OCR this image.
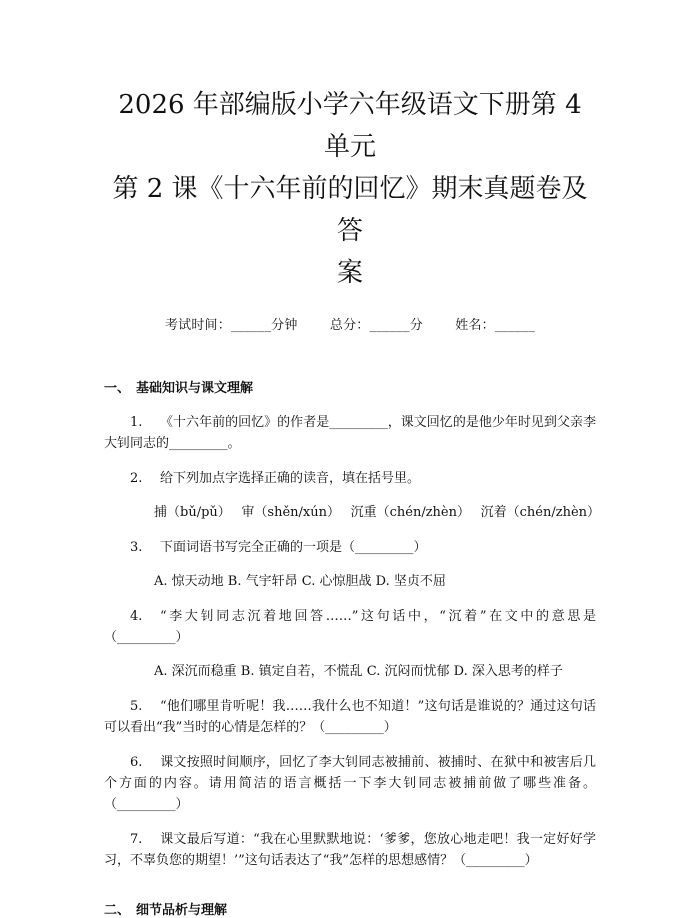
2026 年部编版小学六年级语文下册第 4 单元
第 2 课《十六年前的回忆》期末真题卷及答
案
考试时间：______分钟 总分：______分 姓名：______
一、 基础知识与课文理解

1. 《十六年前的回忆》的作者是_________，课文回忆的是他少年时见到父亲李大钊同志的_________。

2. 给下列加点字选择正确的读音，填在括号里。

捕（bǔ/pǔ）　 审（shěn/xún）　 沉重（chén/zhèn）　 沉着（chén/zhèn）

3. 下面词语书写完全正确的一项是（_________）

A. 惊天动地 B. 气宇轩昂 C. 心惊胆战 D. 坚贞不屈

4. “李大钊同志沉着地回答……”这句话中，“沉着”在文中的意思是（_________）

A. 深沉而稳重 B. 镇定自若，不慌乱 C. 沉闷而忧郁 D. 深入思考的样子

5. “他们哪里肯听呢！我……我什么也不知道！”这句话是谁说的？通过这句话可以看出“我”当时的心情是怎样的？（_________）

6. 课文按照时间顺序，回忆了李大钊同志被捕前、被捕时、在狱中和被害后几个方面的内容。请用简洁的语言概括一下李大钊同志被捕前做了哪些准备。（_________）

7. 课文最后写道：“我在心里默默地说：‘爹爹，您放心地走吧！我一定好好学习，不辜负您的期望！’”这句话表达了“我”怎样的思想感情？（_________）

二、 细节品析与理解
